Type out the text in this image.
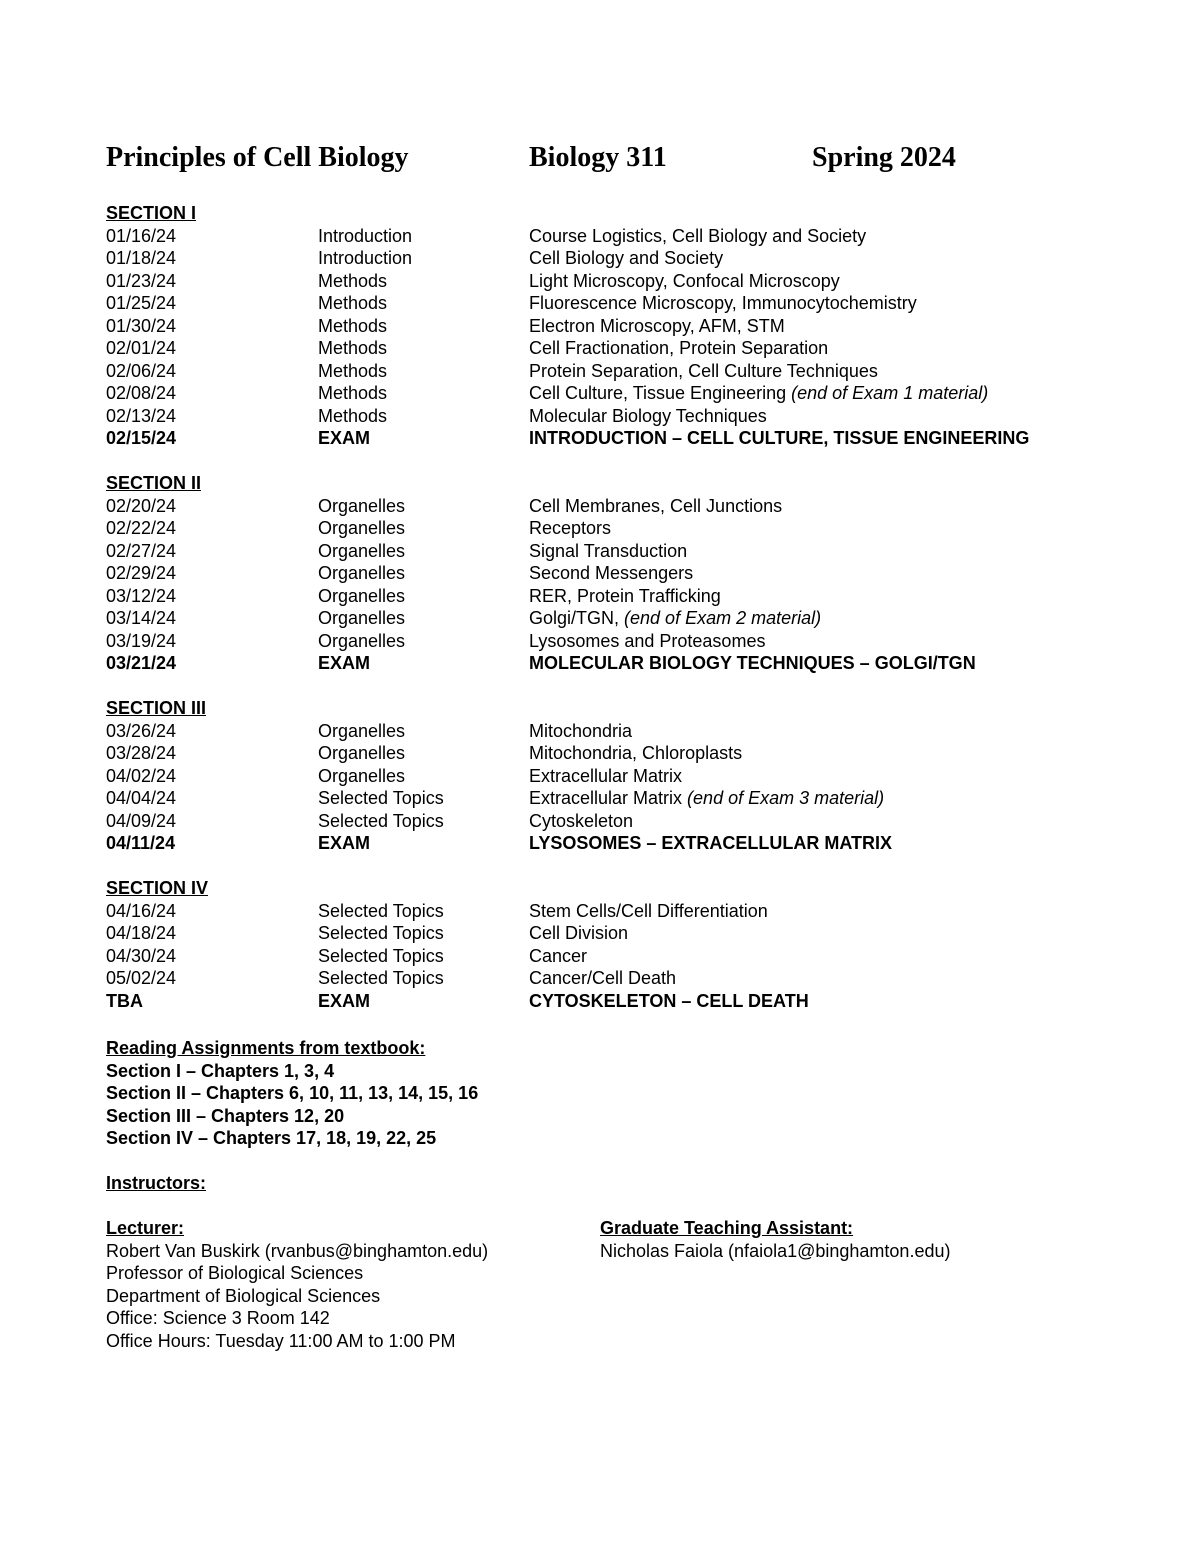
Principles of Cell Biology	Biology 311	Spring 2024
SECTION I
01/16/24	Introduction	Course Logistics, Cell Biology and Society
01/18/24	Introduction	Cell Biology and Society
01/23/24	Methods	Light Microscopy, Confocal Microscopy
01/25/24	Methods	Fluorescence Microscopy, Immunocytochemistry
01/30/24	Methods	Electron Microscopy, AFM, STM
02/01/24	Methods	Cell Fractionation, Protein Separation
02/06/24	Methods	Protein Separation, Cell Culture Techniques
02/08/24	Methods	Cell Culture, Tissue Engineering (end of Exam 1 material)
02/13/24	Methods	Molecular Biology Techniques
02/15/24	EXAM	INTRODUCTION – CELL CULTURE, TISSUE ENGINEERING
SECTION II
02/20/24	Organelles	Cell Membranes, Cell Junctions
02/22/24	Organelles	Receptors
02/27/24	Organelles	Signal Transduction
02/29/24	Organelles	Second Messengers
03/12/24	Organelles	RER, Protein Trafficking
03/14/24	Organelles	Golgi/TGN, (end of Exam 2 material)
03/19/24	Organelles	Lysosomes and Proteasomes
03/21/24	EXAM	MOLECULAR BIOLOGY TECHNIQUES – GOLGI/TGN
SECTION III
03/26/24	Organelles	Mitochondria
03/28/24	Organelles	Mitochondria, Chloroplasts
04/02/24	Organelles	Extracellular Matrix
04/04/24	Selected Topics	Extracellular Matrix (end of Exam 3 material)
04/09/24	Selected Topics	Cytoskeleton
04/11/24	EXAM	LYSOSOMES – EXTRACELLULAR MATRIX
SECTION IV
04/16/24	Selected Topics	Stem Cells/Cell Differentiation
04/18/24	Selected Topics	Cell Division
04/30/24	Selected Topics	Cancer
05/02/24	Selected Topics	Cancer/Cell Death
TBA	EXAM	CYTOSKELETON – CELL DEATH
Reading Assignments from textbook:
Section I – Chapters 1, 3, 4
Section II – Chapters 6, 10, 11, 13, 14, 15, 16
Section III – Chapters 12, 20
Section IV – Chapters 17, 18, 19, 22, 25
Instructors:
Lecturer:
Robert Van Buskirk (rvanbus@binghamton.edu)
Professor of Biological Sciences
Department of Biological Sciences
Office: Science 3 Room 142
Office Hours: Tuesday 11:00 AM to 1:00 PM
Graduate Teaching Assistant:
Nicholas Faiola (nfaiola1@binghamton.edu)
